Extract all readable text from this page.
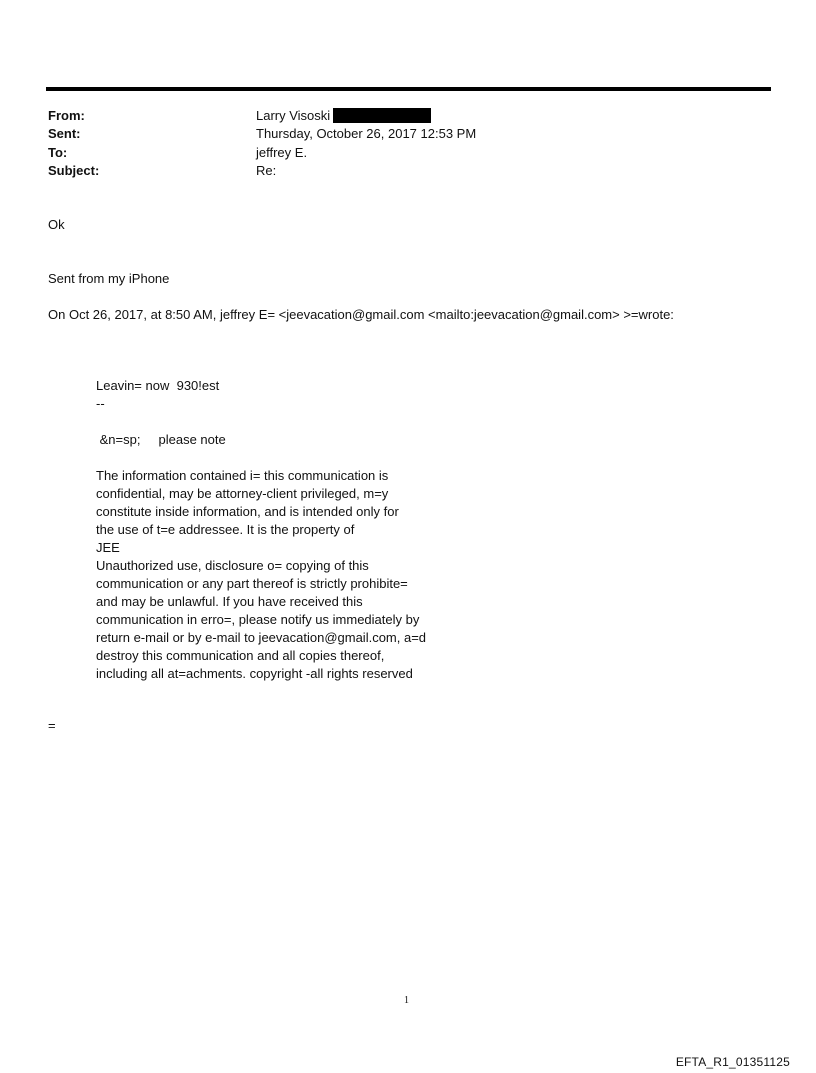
From:	Larry Visoski
Sent:	Thursday, October 26, 2017 12:53 PM
To:	jeffrey E.
Subject:	Re:
Ok
Sent from my iPhone
On Oct 26, 2017, at 8:50 AM, jeffrey E= <jeevacation@gmail.com <mailto:jeevacation@gmail.com> >=wrote:
Leavin= now  930!est
--
&n=sp;     please note
The information contained i= this communication is
confidential, may be attorney-client privileged, m=y
constitute inside information, and is intended only for
the use of t=e addressee. It is the property of
JEE
Unauthorized use, disclosure o= copying of this
communication or any part thereof is strictly prohibite=
and may be unlawful. If you have received this
communication in erro=, please notify us immediately by
return e-mail or by e-mail to jeevacation@gmail.com, a=d
destroy this communication and all copies thereof,
including all at=achments. copyright -all rights reserved
=
1
EFTA_R1_01351125
